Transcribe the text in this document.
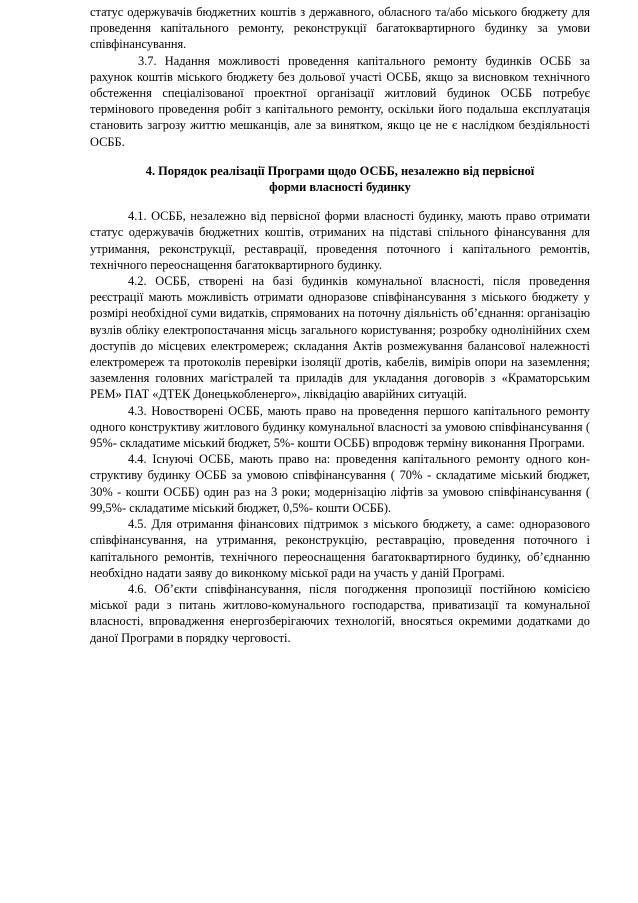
статус одержувачів бюджетних коштів з державного, обласного та/або міського бюджету для проведення капітального ремонту, реконструкції багатоквартирного будинку за умови співфінансування.

3.7. Надання можливості проведення капітального ремонту будинків ОСББ за рахунок коштів міського бюджету без дольової участі ОСББ, якщо за висновком технічного обстеження спеціалізованої проектної організації житловий будинок ОСББ потребує термінового проведення робіт з капітального ремонту, оскільки його подальша експлуатація становить загрозу життю мешканців, але за винятком, якщо це не є наслідком бездіяльності ОСББ.

4. Порядок реалізації Програми щодо ОСББ, незалежно від первісної
форми власності будинку

4.1. ОСББ, незалежно від первісної форми власності будинку, мають право отримати статус одержувачів бюджетних коштів, отриманих на підставі спільного фінансування для утримання, реконструкції, реставрації, проведення поточного і капітального ремонтів, технічного переоснащення багатоквартирного будинку.

4.2. ОСББ, створені на базі будинків комунальної власності, після проведення реєстрації мають можливість отримати одноразове співфінансування з міського бюджету у розмірі необхідної суми видатків, спрямованих на поточну діяльність об’єднання: організацію вузлів обліку електропостачання місць загального користування; розробку однолінійних схем доступів до місцевих електромереж; складання Актів розмежування балансової належності електромереж та протоколів перевірки ізоляції дротів, кабелів, вимірів опори на заземлення; заземлення головних магістралей та приладів для укладання договорів з «Краматорським РЕМ» ПАТ «ДТЕК Донецькобленерго», ліквідацію аварійних ситуацій.

4.3. Новостворені ОСББ, мають право на проведення першого капітального ремонту одного конструктиву житлового будинку комунальної власності за умовою співфінансування ( 95%- складатиме міський бюджет, 5%- кошти ОСББ) впродовж терміну виконання Програми.

4.4. Існуючі ОСББ, мають право на: проведення капітального ремонту одного кон-структиву будинку ОСББ за умовою співфінансування ( 70% - складатиме міський бюджет, 30% - кошти ОСББ) один раз на 3 роки; модернізацію ліфтів за умовою співфінансування ( 99,5%- складатиме міський бюджет, 0,5%- кошти ОСББ).

4.5. Для отримання фінансових підтримок з міського бюджету, а саме: одноразового співфінансування, на утримання, реконструкцію, реставрацію, проведення поточного і капітального ремонтів, технічного переоснащення багатоквартирного будинку, об’єднанню необхідно надати заяву до виконкому міської ради на участь у даній Програмі.

4.6. Об’єкти співфінансування, після погодження пропозиції постійною комісією міської ради з питань житлово-комунального господарства, приватизації та комунальної власності, впровадження енергозберігаючих технологій, вносяться окремими додатками до даної Програми в порядку черговості.
